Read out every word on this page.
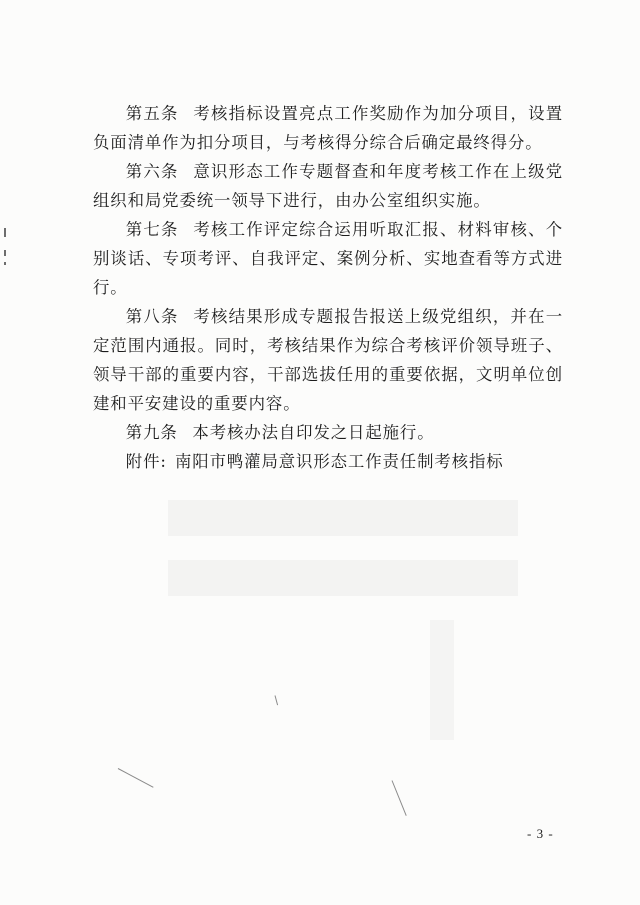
第五条 考核指标设置亮点工作奖励作为加分项目，设置负面清单作为扣分项目，与考核得分综合后确定最终得分。

第六条 意识形态工作专题督查和年度考核工作在上级党组织和局党委统一领导下进行，由办公室组织实施。

第七条 考核工作评定综合运用听取汇报、材料审核、个别谈话、专项考评、自我评定、案例分析、实地查看等方式进行。

第八条 考核结果形成专题报告报送上级党组织，并在一定范围内通报。同时，考核结果作为综合考核评价领导班子、领导干部的重要内容，干部选拔任用的重要依据，文明单位创建和平安建设的重要内容。

第九条 本考核办法自印发之日起施行。

附件: 南阳市鸭灌局意识形态工作责任制考核指标

- 3 -
